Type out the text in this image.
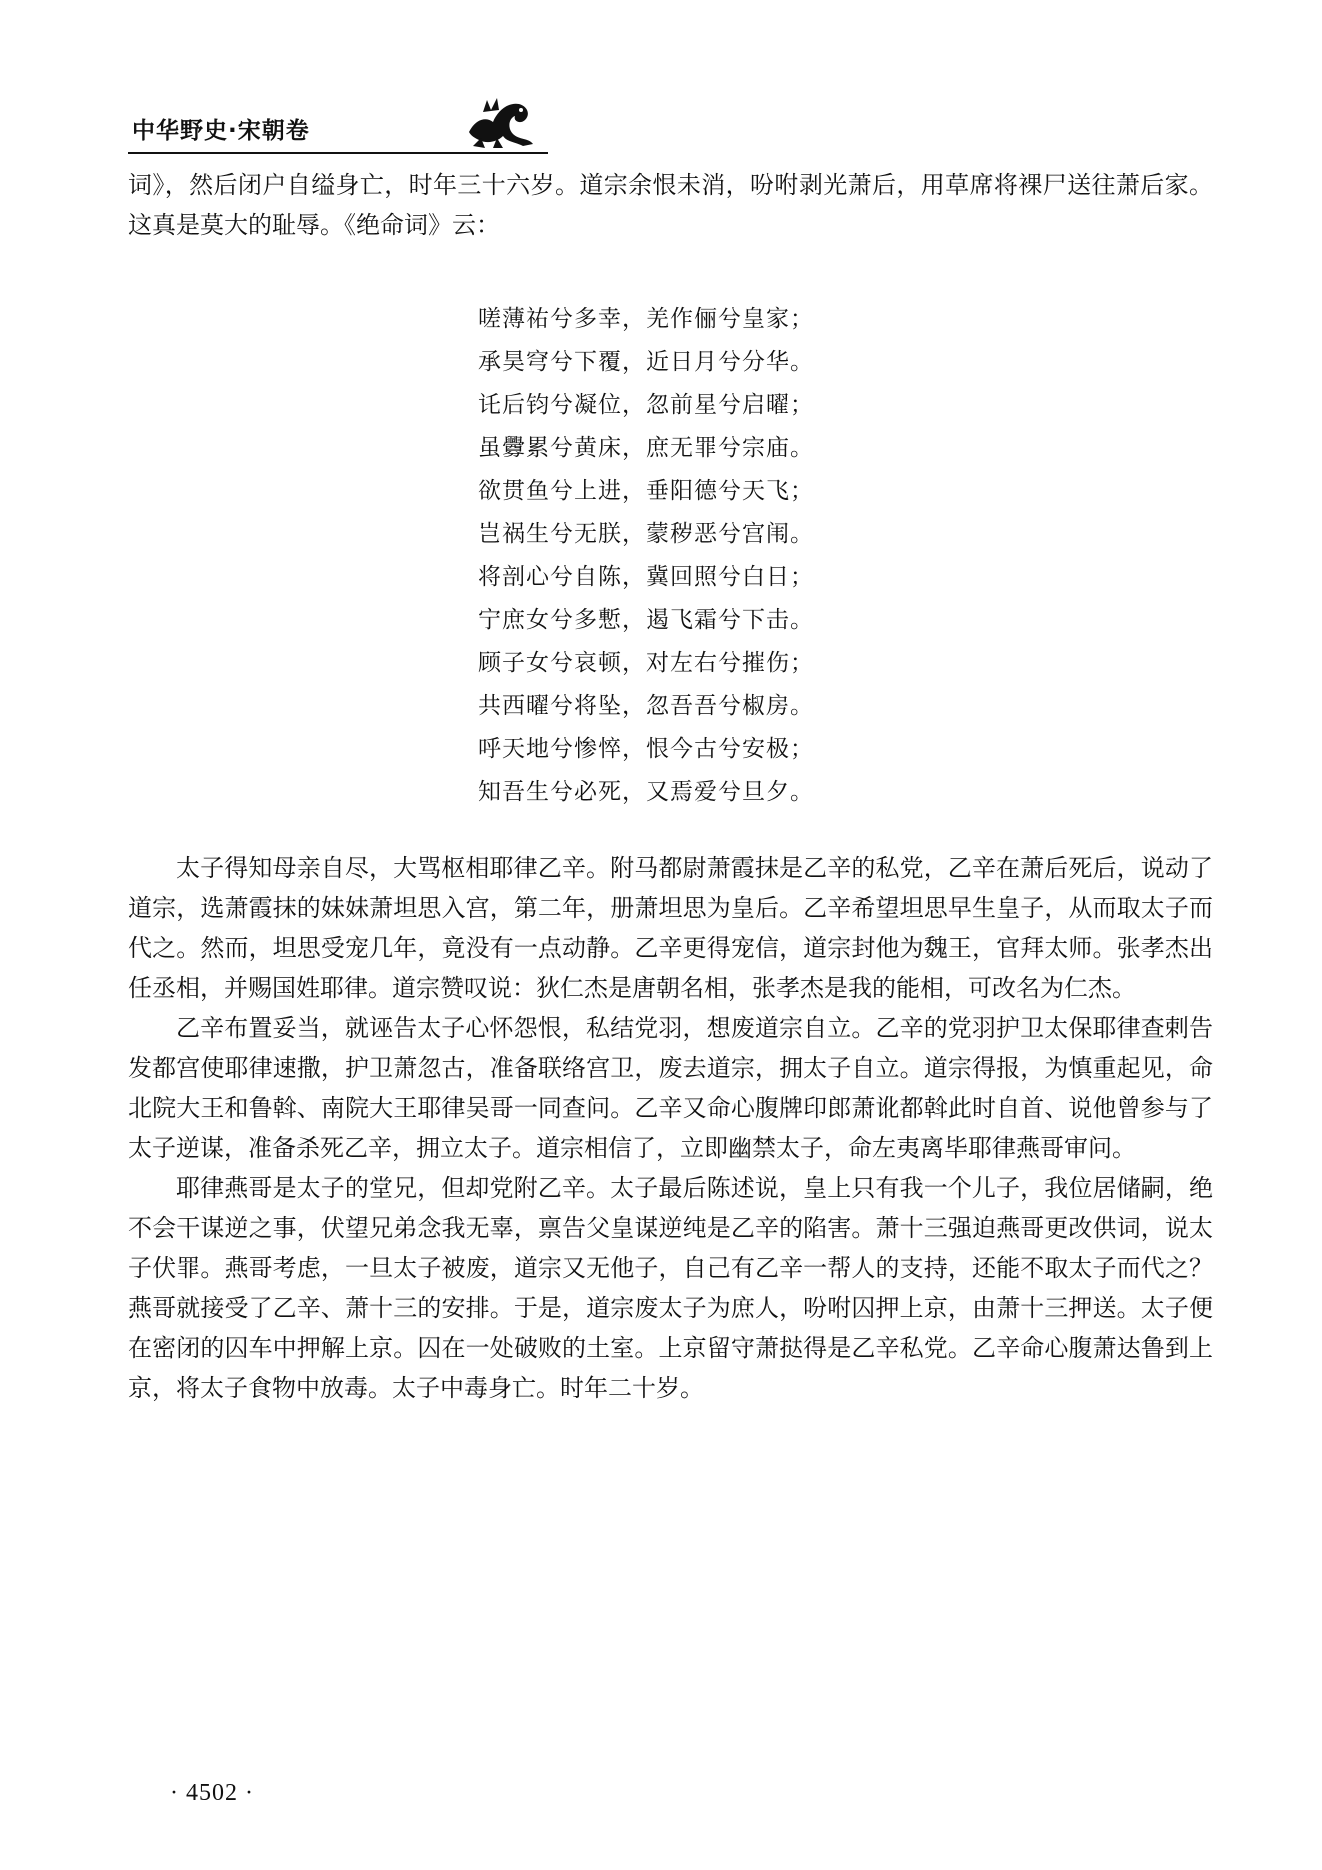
中华野史·宋朝卷

词》，然后闭户自缢身亡，时年三十六岁。道宗余恨未消，吩咐剥光萧后，用草席将裸尸送往萧后家。这真是莫大的耻辱。《绝命词》云：

嗟薄祐兮多幸，羌作俪兮皇家；
承昊穹兮下覆，近日月兮分华。
讬后钧兮凝位，忽前星兮启曜；
虽釁累兮黄床，庶无罪兮宗庙。
欲贯鱼兮上进，垂阳德兮天飞；
岂祸生兮无朕，蒙秽恶兮宫闱。
将剖心兮自陈，冀回照兮白日；
宁庶女兮多慙，遏飞霜兮下击。
顾子女兮哀顿，对左右兮摧伤；
共西曜兮将坠，忽吾吾兮椒房。
呼天地兮惨悴，恨今古兮安极；
知吾生兮必死，又焉爱兮旦夕。

太子得知母亲自尽，大骂枢相耶律乙辛。附马都尉萧霞抹是乙辛的私党，乙辛在萧后死后，说动了道宗，选萧霞抹的妹妹萧坦思入宫，第二年，册萧坦思为皇后。乙辛希望坦思早生皇子，从而取太子而代之。然而，坦思受宠几年，竟没有一点动静。乙辛更得宠信，道宗封他为魏王，官拜太师。张孝杰出任丞相，并赐国姓耶律。道宗赞叹说：狄仁杰是唐朝名相，张孝杰是我的能相，可改名为仁杰。

乙辛布置妥当，就诬告太子心怀怨恨，私结党羽，想废道宗自立。乙辛的党羽护卫太保耶律查剌告发都宫使耶律速撒，护卫萧忽古，准备联络宫卫，废去道宗，拥太子自立。道宗得报，为慎重起见，命北院大王和鲁斡、南院大王耶律吴哥一同查问。乙辛又命心腹牌印郎萧讹都斡此时自首、说他曾参与了太子逆谋，准备杀死乙辛，拥立太子。道宗相信了，立即幽禁太子，命左夷离毕耶律燕哥审问。

耶律燕哥是太子的堂兄，但却党附乙辛。太子最后陈述说，皇上只有我一个儿子，我位居储嗣，绝不会干谋逆之事，伏望兄弟念我无辜，禀告父皇谋逆纯是乙辛的陷害。萧十三强迫燕哥更改供词，说太子伏罪。燕哥考虑，一旦太子被废，道宗又无他子，自己有乙辛一帮人的支持，还能不取太子而代之？燕哥就接受了乙辛、萧十三的安排。于是，道宗废太子为庶人，吩咐囚押上京，由萧十三押送。太子便在密闭的囚车中押解上京。囚在一处破败的土室。上京留守萧挞得是乙辛私党。乙辛命心腹萧达鲁到上京，将太子食物中放毒。太子中毒身亡。时年二十岁。

· 4502 ·
